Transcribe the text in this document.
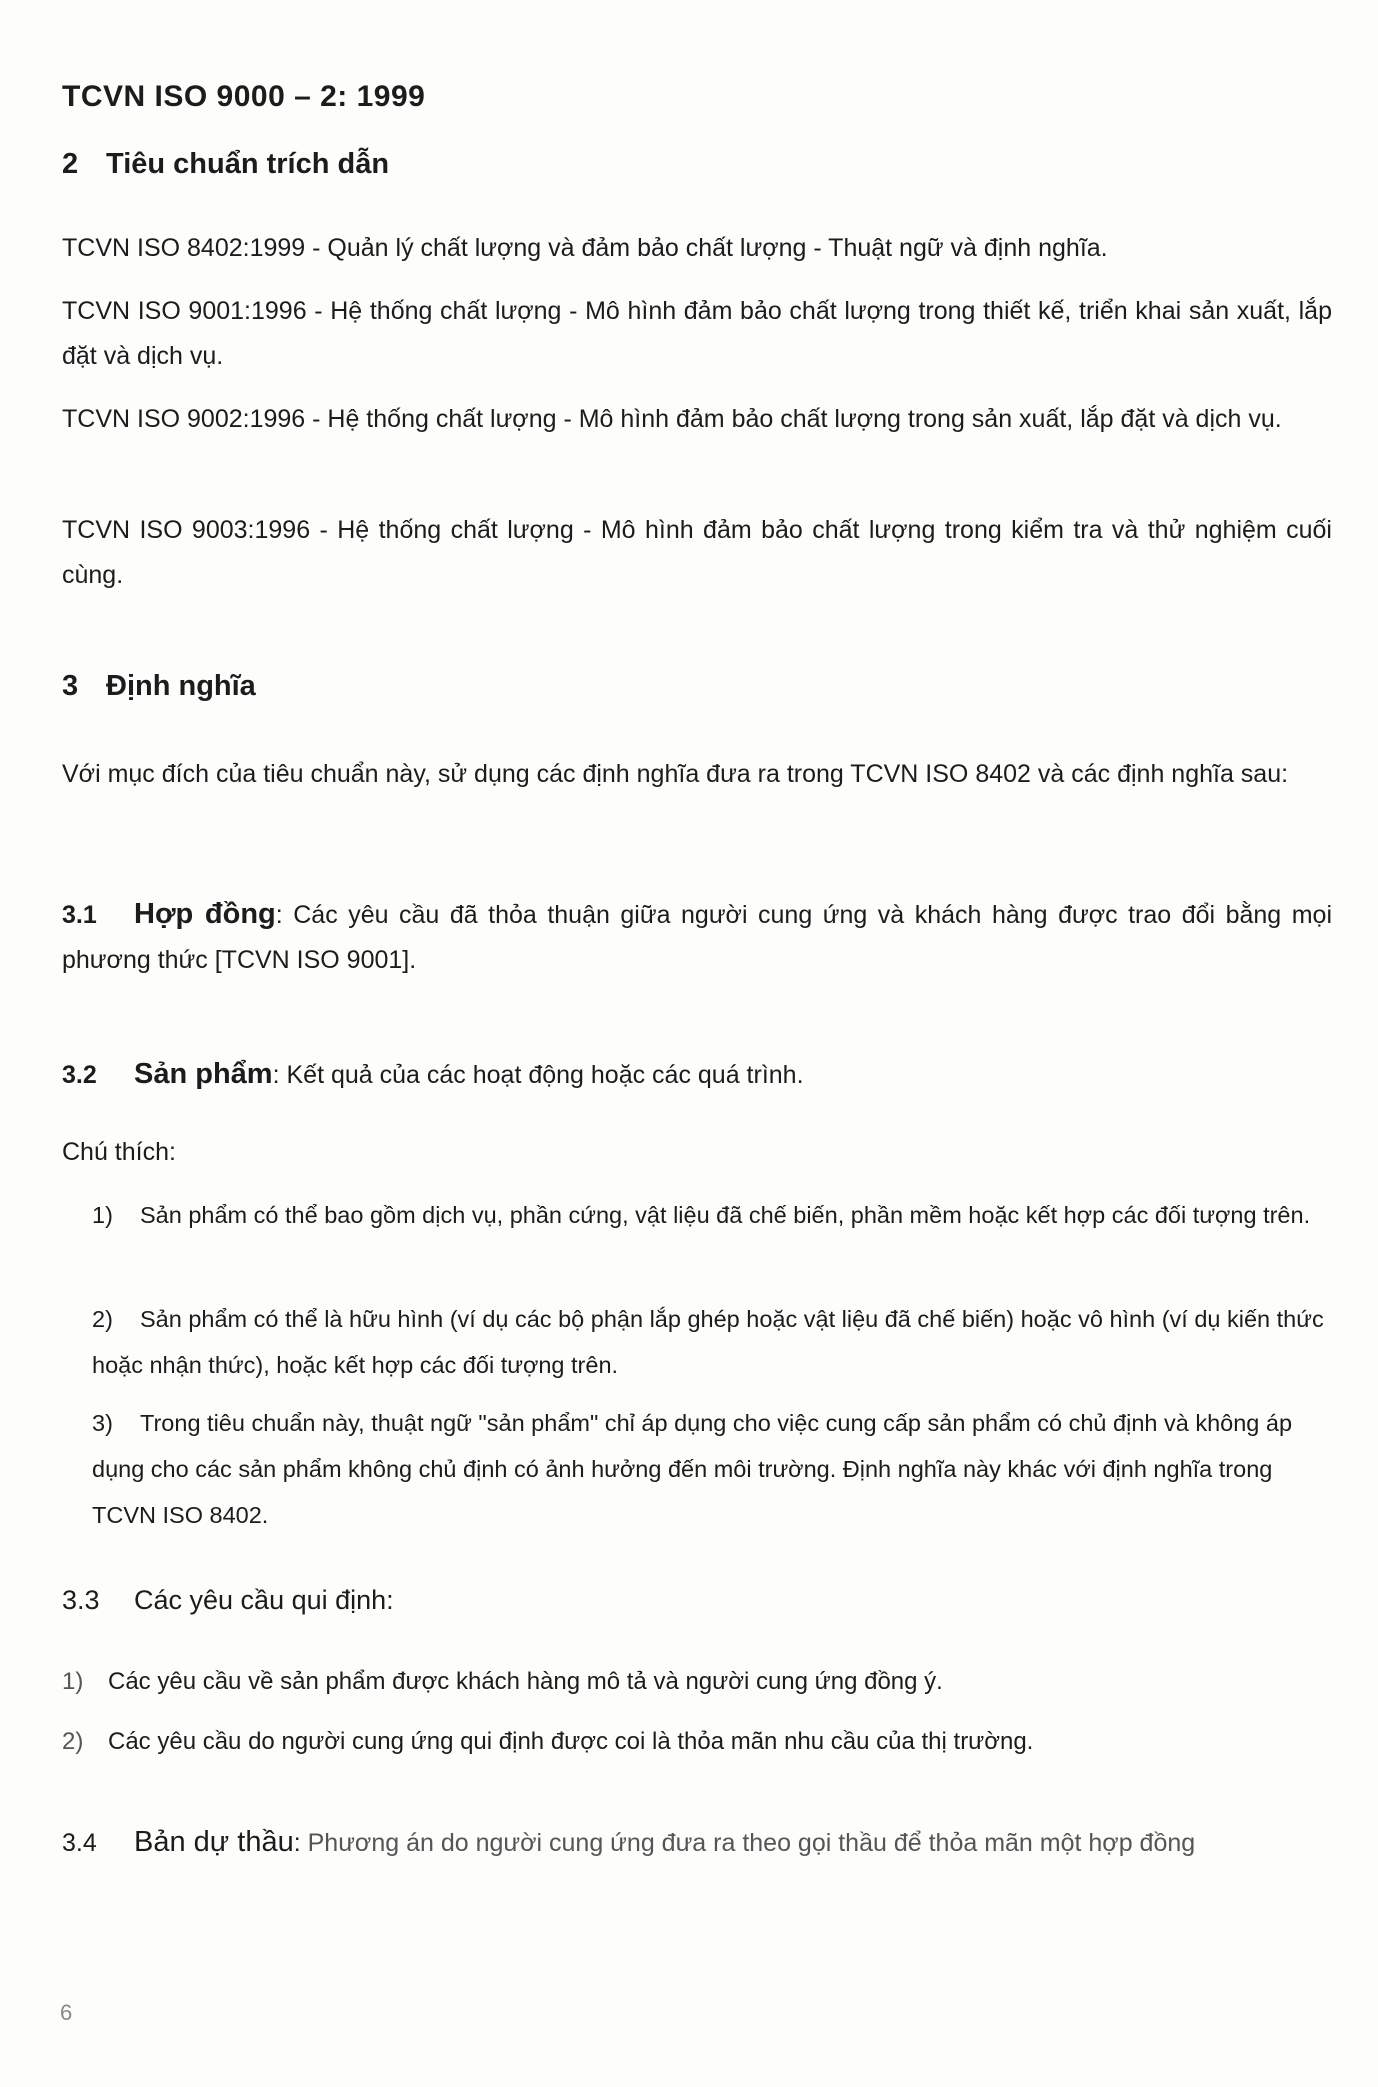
TCVN ISO 9000 – 2: 1999
2 Tiêu chuẩn trích dẫn
TCVN ISO 8402:1999 - Quản lý chất lượng và đảm bảo chất lượng - Thuật ngữ và định nghĩa.
TCVN ISO 9001:1996 - Hệ thống chất lượng - Mô hình đảm bảo chất lượng trong thiết kế, triển khai sản xuất, lắp đặt và dịch vụ.
TCVN ISO 9002:1996 - Hệ thống chất lượng - Mô hình đảm bảo chất lượng trong sản xuất, lắp đặt và dịch vụ.
TCVN ISO 9003:1996 - Hệ thống chất lượng - Mô hình đảm bảo chất lượng trong kiểm tra và thử nghiệm cuối cùng.
3 Định nghĩa
Với mục đích của tiêu chuẩn này, sử dụng các định nghĩa đưa ra trong TCVN ISO 8402 và các định nghĩa sau:
3.1 Hợp đồng: Các yêu cầu đã thỏa thuận giữa người cung ứng và khách hàng được trao đổi bằng mọi phương thức [TCVN ISO 9001].
3.2 Sản phẩm: Kết quả của các hoạt động hoặc các quá trình.
Chú thích:
1) Sản phẩm có thể bao gồm dịch vụ, phần cứng, vật liệu đã chế biến, phần mềm hoặc kết hợp các đối tượng trên.
2) Sản phẩm có thể là hữu hình (ví dụ các bộ phận lắp ghép hoặc vật liệu đã chế biến) hoặc vô hình (ví dụ kiến thức hoặc nhận thức), hoặc kết hợp các đối tượng trên.
3) Trong tiêu chuẩn này, thuật ngữ "sản phẩm" chỉ áp dụng cho việc cung cấp sản phẩm có chủ định và không áp dụng cho các sản phẩm không chủ định có ảnh hưởng đến môi trường. Định nghĩa này khác với định nghĩa trong TCVN ISO 8402.
3.3 Các yêu cầu qui định:
1) Các yêu cầu về sản phẩm được khách hàng mô tả và người cung ứng đồng ý.
2) Các yêu cầu do người cung ứng qui định được coi là thỏa mãn nhu cầu của thị trường.
3.4 Bản dự thầu: Phương án do người cung ứng đưa ra theo gọi thầu để thỏa mãn một hợp đồng
6
